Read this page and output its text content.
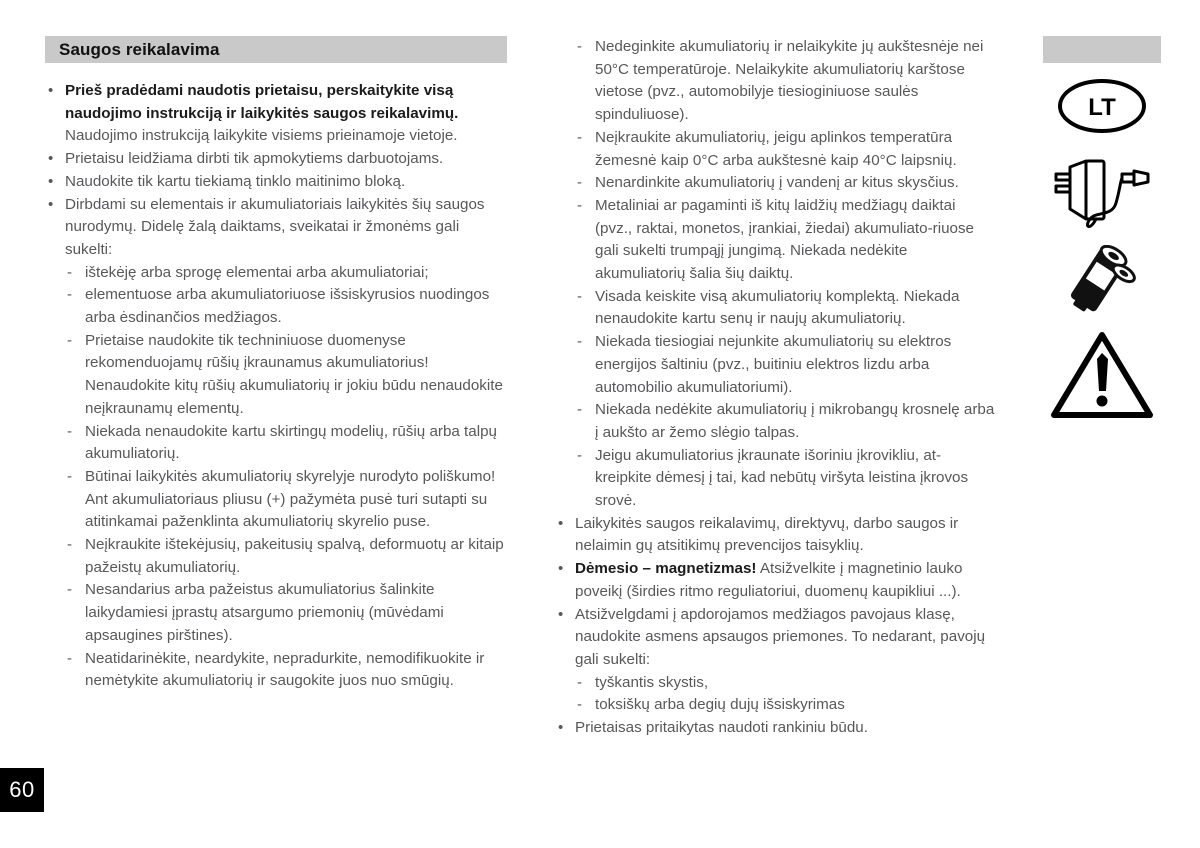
60
Saugos reikalavima
• Prieš pradėdami naudotis prietaisu, perskaitykite visą naudojimo instrukciją ir laikykitės saugos reikalavimų. Naudojimo instrukciją laikykite visiems prieinamoje vietoje.
• Prietaisu leidžiama dirbti tik apmokytiems darbuotojams.
• Naudokite tik kartu tiekiamą tinklo maitinimo bloką.
• Dirbdami su elementais ir akumuliatoriais laikykitės šių saugos nurodymų. Didelę žalą daiktams, sveikatai ir žmonėms gali sukelti:
- ištekėję arba sprogę elementai arba akumuliatoriai;
- elementuose arba akumuliatoriuose išsiskyrusios nuodingos arba ėsdinančios medžiagos.
- Prietaise naudokite tik techniniuose duomenyse rekomenduojamų rūšių įkraunamus akumuliatorius! Nenaudokite kitų rūšių akumuliatorių ir jokiu būdu nenaudokite neįkraunamų elementų.
- Niekada nenaudokite kartu skirtingų modelių, rūšių arba talpų akumuliatorių.
- Būtinai laikykitės akumuliatorių skyrelyje nurodyto poliškumo! Ant akumuliatoriaus pliusu (+) pažymėta pusė turi sutapti su atitinkamai paženklinta akumuliatorių skyrelio puse.
- Neįkraukite ištekėjusių, pakeitusių spalvą, deformuotų ar kitaip pažeistų akumuliatorių.
- Nesandarius arba pažeistus akumuliatorius šalinkite laikydamiesi įprastų atsargumo priemonių (mūvėdami apsaugines pirštines).
- Neatidarinėkite, neardykite, nepradurkite, nemodifikuokite ir nemėtykite akumuliatorių ir saugokite juos nuo smūgių.
- Nedeginkite akumuliatorių ir nelaikykite jų aukštesnėje nei 50°C temperatūroje. Nelaikykite akumuliatorių karštose vietose (pvz., automobilyje tiesioginiuose saulės spinduliuose).
- Neįkraukite akumuliatorių, jeigu aplinkos temperatūra žemesnė kaip 0°C arba aukštesnė kaip 40°C laipsnių.
- Nenardinkite akumuliatorių į vandenį ar kitus skysčius.
- Metaliniai ar pagaminti iš kitų laidžių medžiagų daiktai (pvz., raktai, monetos, įrankiai, žiedai) akumuliato-riuose gali sukelti trumpąjį jungimą. Niekada nedėkite akumuliatorių šalia šių daiktų.
- Visada keiskite visą akumuliatorių komplektą. Niekada nenaudokite kartu senų ir naujų akumuliatorių.
- Niekada tiesiogiai nejunkite akumuliatorių su elektros energijos šaltiniu (pvz., buitiniu elektros lizdu arba automobilio akumuliatoriumi).
- Niekada nedėkite akumuliatorių į mikrobangų krosnelę arba į aukšto ar žemo slėgio talpas.
- Jeigu akumuliatorius įkraunate išoriniu įkrovikliu, at-kreipkite dėmesį į tai, kad nebūtų viršyta leistina įkrovos srovė.
• Laikykitės saugos reikalavimų, direktyvų, darbo saugos ir nelaimin gų atsitikimų prevencijos taisyklių.
• Dėmesio – magnetizmas! Atsižvelkite į magnetinio lauko poveikį (širdies ritmo reguliatoriui, duomenų kaupikliui ...).
• Atsižvelgdami į apdorojamos medžiagos pavojaus klasę, naudokite asmens apsaugos priemones. To nedarant, pavojų gali sukelti:
- tyškantis skystis,
- toksiškų arba degių dujų išsiskyrimas
• Prietaisas pritaikytas naudoti rankiniu būdu.
LT
